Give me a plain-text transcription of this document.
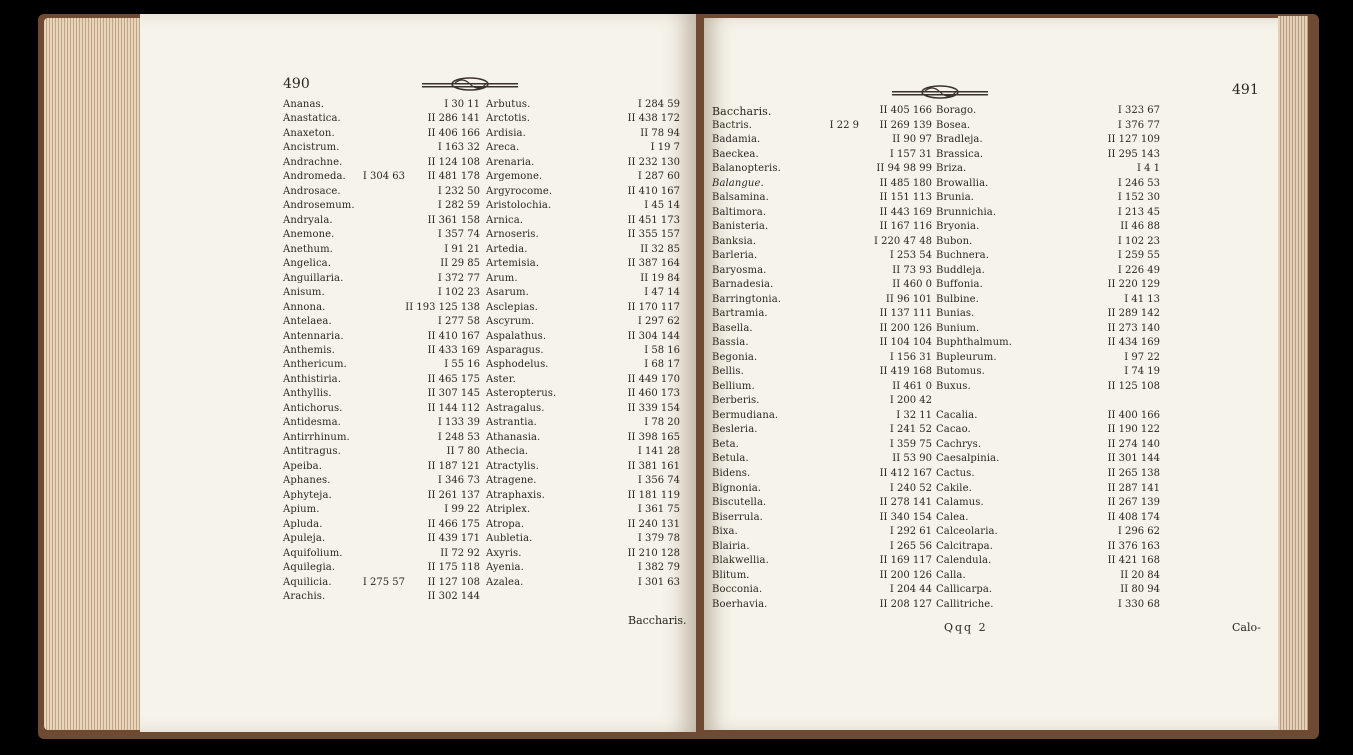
490
Ananas.	I 30 11
Anastatica.	II 286 141
Anaxeton.	II 406 166
Ancistrum.	I 163 32
Andrachne.	II 124 108
Andromeda.	I 304 63	II 481 178
Androsace.	I 232 50
Androsemum.	I 282 59
Andryala.	II 361 158
Anemone.	I 357 74
Anethum.	I 91 21
Angelica.	II 29 85
Anguillaria.	I 372 77
Anisum.	I 102 23
Annona.	II 193 125 138
Antelaea.	I 277 58
Antennaria.	II 410 167
Anthemis.	II 433 169
Anthericum.	I 55 16
Anthistiria.	II 465 175
Anthyllis.	II 307 145
Antichorus.	II 144 112
Antidesma.	I 133 39
Antirrhinum.	I 248 53
Antitragus.	II 7 80
Apeiba.	II 187 121
Aphanes.	I 346 73
Aphyteja.	II 261 137
Apium.	I 99 22
Apluda.	II 466 175
Apuleja.	II 439 171
Aquifolium.	II 72 92
Aquilegia.	II 175 118
Aquilicia.	I 275 57	II 127 108
Arachis.	II 302 144
Arbutus.	I 284 59
Arctotis.	II 438 172
Ardisia.	II 78 94
Areca.	I 19 7
Arenaria.	II 232 130
Argemone.	I 287 60
Argyrocome.	II 410 167
Aristolochia.	I 45 14
Arnica.	II 451 173
Arnoseris.	II 355 157
Artedia.	II 32 85
Artemisia.	II 387 164
Arum.	II 19 84
Asarum.	I 47 14
Asclepias.	II 170 117
Ascyrum.	I 297 62
Aspalathus.	II 304 144
Asparagus.	I 58 16
Asphodelus.	I 68 17
Aster.	II 449 170
Asteropterus.	II 460 173
Astragalus.	II 339 154
Astrantia.	I 78 20
Athanasia.	II 398 165
Athecia.	I 141 28
Atractylis.	II 381 161
Atragene.	I 356 74
Atraphaxis.	II 181 119
Atriplex.	I 361 75
Atropa.	II 240 131
Aubletia.	I 379 78
Axyris.	II 210 128
Ayenia.	I 382 79
Azalea.	I 301 63
Baccharis.
491
Baccharis.	II 405 166
Bactris.	I 22 9	II 269 139
Badamia.	II 90 97
Baeckea.	I 157 31
Balanopteris.	II 94 98 99
Balangue.	II 485 180
Balsamina.	II 151 113
Baltimora.	II 443 169
Banisteria.	II 167 116
Banksia.	I 220 47 48
Barleria.	I 253 54
Baryosma.	II 73 93
Barnadesia.	II 460 0
Barringtonia.	II 96 101
Bartramia.	II 137 111
Basella.	II 200 126
Bassia.	II 104 104
Begonia.	I 156 31
Bellis.	II 419 168
Bellium.	II 461 0
Berberis.	I 200 42
Bermudiana.	I 32 11
Besleria.	I 241 52
Beta.	I 359 75
Betula.	II 53 90
Bidens.	II 412 167
Bignonia.	I 240 52
Biscutella.	II 278 141
Biserrula.	II 340 154
Bixa.	I 292 61
Blairia.	I 265 56
Blakwellia.	II 169 117
Blitum.	II 200 126
Bocconia.	I 204 44
Boerhavia.	II 208 127
Borago.	I 323 67
Bosea.	I 376 77
Bradleja.	II 127 109
Brassica.	II 295 143
Briza.	I 4 1
Browallia.	I 246 53
Brunia.	I 152 30
Brunnichia.	I 213 45
Bryonia.	II 46 88
Bubon.	I 102 23
Buchnera.	I 259 55
Buddleja.	I 226 49
Buffonia.	II 220 129
Bulbine.	I 41 13
Bunias.	II 289 142
Bunium.	II 273 140
Buphthalmum.	II 434 169
Bupleurum.	I 97 22
Butomus.	I 74 19
Buxus.	II 125 108
Cacalia.	II 400 166
Cacao.	II 190 122
Cachrys.	II 274 140
Caesalpinia.	II 301 144
Cactus.	II 265 138
Cakile.	II 287 141
Calamus.	II 267 139
Calea.	II 408 174
Calceolaria.	I 296 62
Calcitrapa.	II 376 163
Calendula.	II 421 168
Calla.	II 20 84
Callicarpa.	II 80 94
Callitriche.	I 330 68
Qqq 2	Calo-
